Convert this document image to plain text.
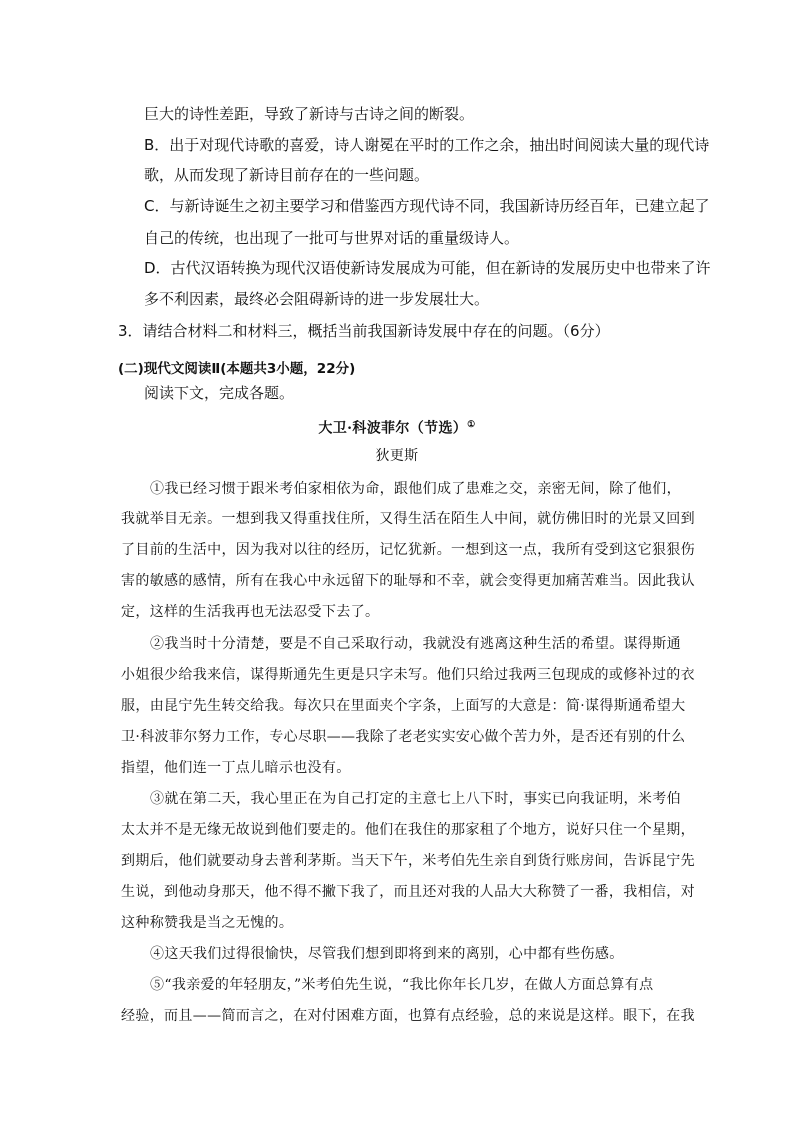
巨大的诗性差距，导致了新诗与古诗之间的断裂。
B．出于对现代诗歌的喜爱，诗人谢冕在平时的工作之余，抽出时间阅读大量的现代诗
歌，从而发现了新诗目前存在的一些问题。
C．与新诗诞生之初主要学习和借鉴西方现代诗不同，我国新诗历经百年，已建立起了
自己的传统，也出现了一批可与世界对话的重量级诗人。
D．古代汉语转换为现代汉语使新诗发展成为可能，但在新诗的发展历史中也带来了许
多不利因素，最终必会阻碍新诗的进一步发展壮大。
3．请结合材料二和材料三，概括当前我国新诗发展中存在的问题。（6分）
(二)现代文阅读Ⅱ(本题共3小题，22分)
阅读下文，完成各题。
大卫·科波菲尔（节选）①
狄更斯
①我已经习惯于跟米考伯家相依为命，跟他们成了患难之交，亲密无间，除了他们，
我就举目无亲。一想到我又得重找住所，又得生活在陌生人中间，就仿佛旧时的光景又回到
了目前的生活中，因为我对以往的经历，记忆犹新。一想到这一点，我所有受到这它狠狠伤
害的敏感的感情，所有在我心中永远留下的耻辱和不幸，就会变得更加痛苦难当。因此我认
定，这样的生活我再也无法忍受下去了。
②我当时十分清楚，要是不自己采取行动，我就没有逃离这种生活的希望。谋得斯通
小姐很少给我来信，谋得斯通先生更是只字未写。他们只给过我两三包现成的或修补过的衣
服，由昆宁先生转交给我。每次只在里面夹个字条，上面写的大意是：简·谋得斯通希望大
卫·科波菲尔努力工作，专心尽职——我除了老老实实安心做个苦力外，是否还有别的什么
指望，他们连一丁点儿暗示也没有。
③就在第二天，我心里正在为自己打定的主意七上八下时，事实已向我证明，米考伯
太太并不是无缘无故说到他们要走的。他们在我住的那家租了个地方，说好只住一个星期，
到期后，他们就要动身去普利茅斯。当天下午，米考伯先生亲自到货行账房间，告诉昆宁先
生说，到他动身那天，他不得不撇下我了，而且还对我的人品大大称赞了一番，我相信，对
这种称赞我是当之无愧的。
④这天我们过得很愉快，尽管我们想到即将到来的离别，心中都有些伤感。
⑤“我亲爱的年轻朋友，”米考伯先生说，“我比你年长几岁，在做人方面总算有点
经验，而且——简而言之，在对付困难方面，也算有点经验，总的来说是这样。眼下，在我
